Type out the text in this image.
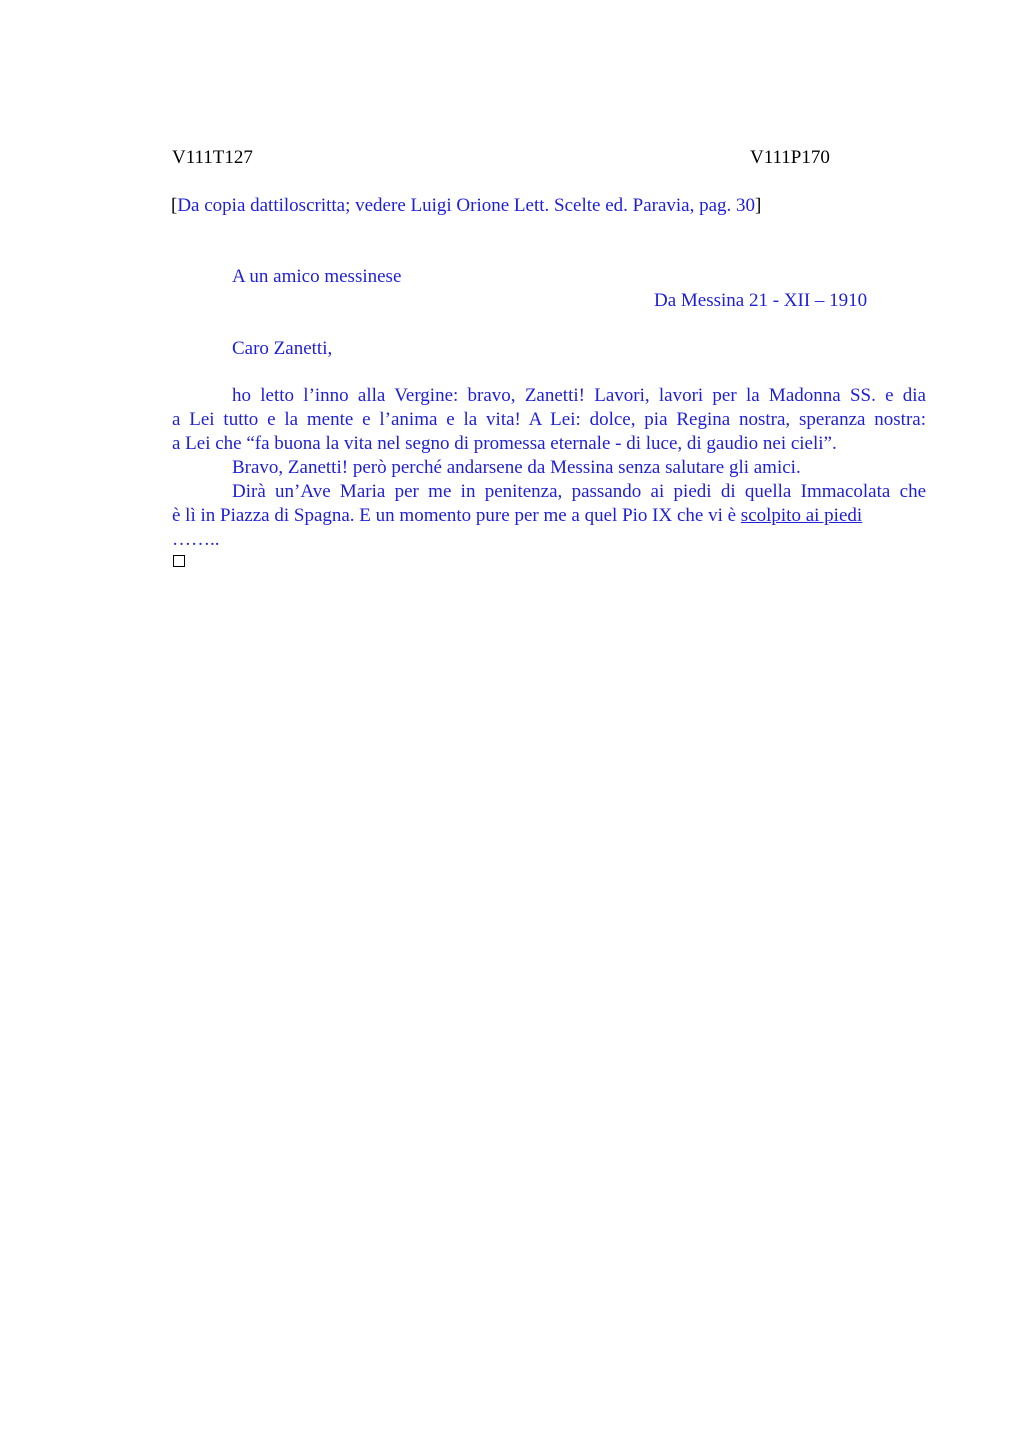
V111T127	V111P170
[Da copia dattiloscritta; vedere Luigi Orione Lett. Scelte ed. Paravia, pag. 30]
A un amico messinese
Da Messina 21 - XII – 1910
Caro Zanetti,
ho letto l’inno alla Vergine: bravo, Zanetti! Lavori, lavori per la Madonna SS. e dia
a Lei tutto e la mente e l’anima e la vita! A Lei: dolce, pia Regina nostra, speranza nostra:
a Lei che “fa buona la vita nel segno di promessa eternale - di luce, di gaudio nei cieli”.
Bravo, Zanetti! però perché andarsene da Messina senza salutare gli amici.
Dirà un’Ave Maria per me in penitenza, passando ai piedi di quella Immacolata che
è lì in Piazza di Spagna. E un momento pure per me a quel Pio IX che vi è scolpito ai piedi
……..
